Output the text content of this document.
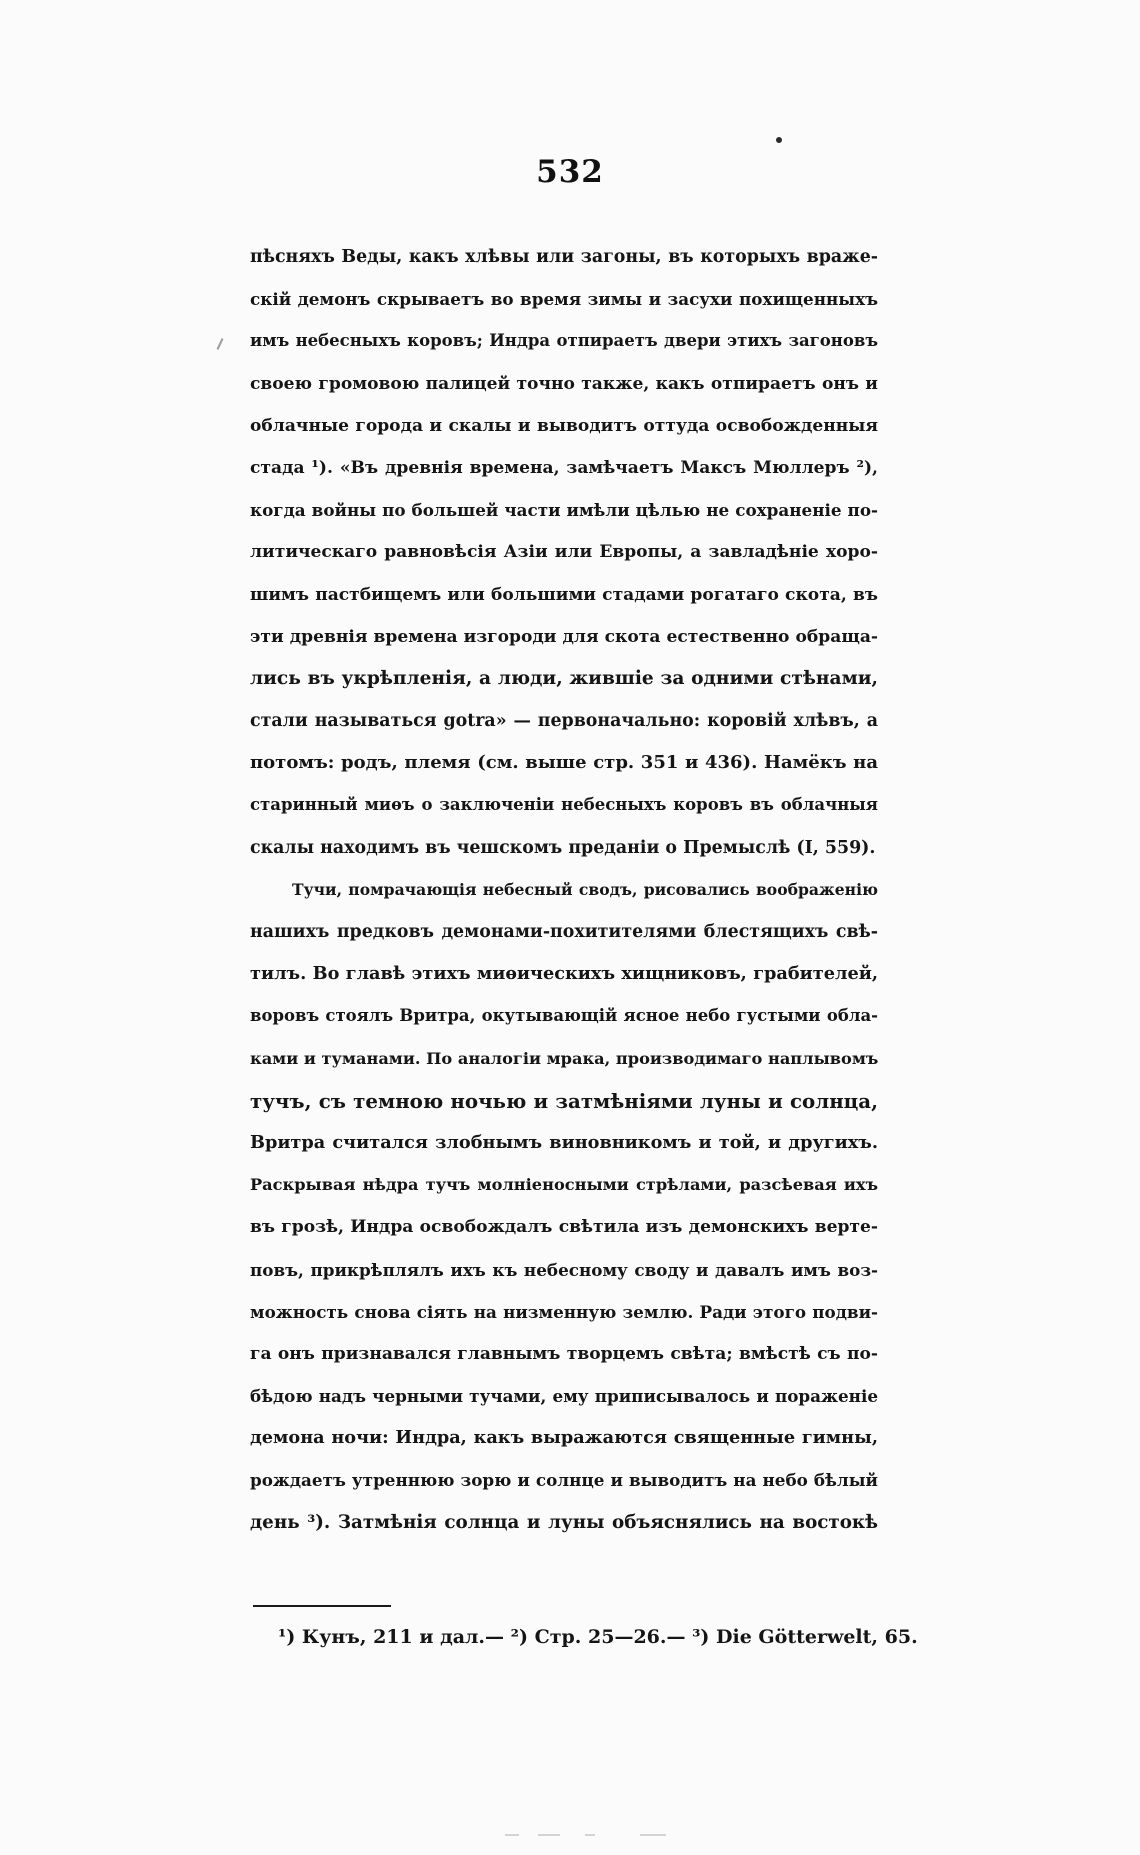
532
пѣсняхъ Веды, какъ хлѣвы или загоны, въ которыхъ враже-
скій демонъ скрываетъ во время зимы и засухи похищенныхъ
имъ небесныхъ коровъ; Индра отпираетъ двери этихъ загоновъ
своею громовою палицей точно также, какъ отпираетъ онъ и
облачные города и скалы и выводитъ оттуда освобожденныя
стада ¹). «Въ древнія времена, замѣчаетъ Максъ Мюллеръ ²),
когда войны по большей части имѣли цѣлью не сохраненіе по-
литическаго равновѣсія Азіи или Европы, а завладѣніе хоро-
шимъ пастбищемъ или большими стадами рогатаго скота, въ
эти древнія времена изгороди для скота естественно обраща-
лись въ укрѣпленія, а люди, жившіе за одними стѣнами,
стали называться gotra» — первоначально: коровій хлѣвъ, а
потомъ: родъ, племя (см. выше стр. 351 и 436). Намёкъ на
старинный миѳъ о заключеніи небесныхъ коровъ въ облачныя
скалы находимъ въ чешскомъ преданіи о Премыслѣ (I, 559).
Тучи, помрачающія небесный сводъ, рисовались воображенію
нашихъ предковъ демонами-похитителями блестящихъ свѣ-
тилъ. Во главѣ этихъ миѳическихъ хищниковъ, грабителей,
воровъ стоялъ Вритра, окутывающій ясное небо густыми обла-
ками и туманами. По аналогіи мрака, производимаго наплывомъ
тучъ, съ темною ночью и затмѣніями луны и солнца,
Вритра считался злобнымъ виновникомъ и той, и другихъ.
Раскрывая нѣдра тучъ молніеносными стрѣлами, разсѣевая ихъ
въ грозѣ, Индра освобождалъ свѣтила изъ демонскихъ верте-
повъ, прикрѣплялъ ихъ къ небесному своду и давалъ имъ воз-
можность снова сіять на низменную землю. Ради этого подви-
га онъ признавался главнымъ творцемъ свѣта; вмѣстѣ съ по-
бѣдою надъ черными тучами, ему приписывалось и пораженіе
демона ночи: Индра, какъ выражаются священные гимны,
рождаетъ утреннюю зорю и солнце и выводитъ на небо бѣлый
день ³). Затмѣнія солнца и луны объяснялись на востокѣ
¹) Кунъ, 211 и дал.— ²) Стр. 25—26.— ³) Die Götterwelt, 65.
